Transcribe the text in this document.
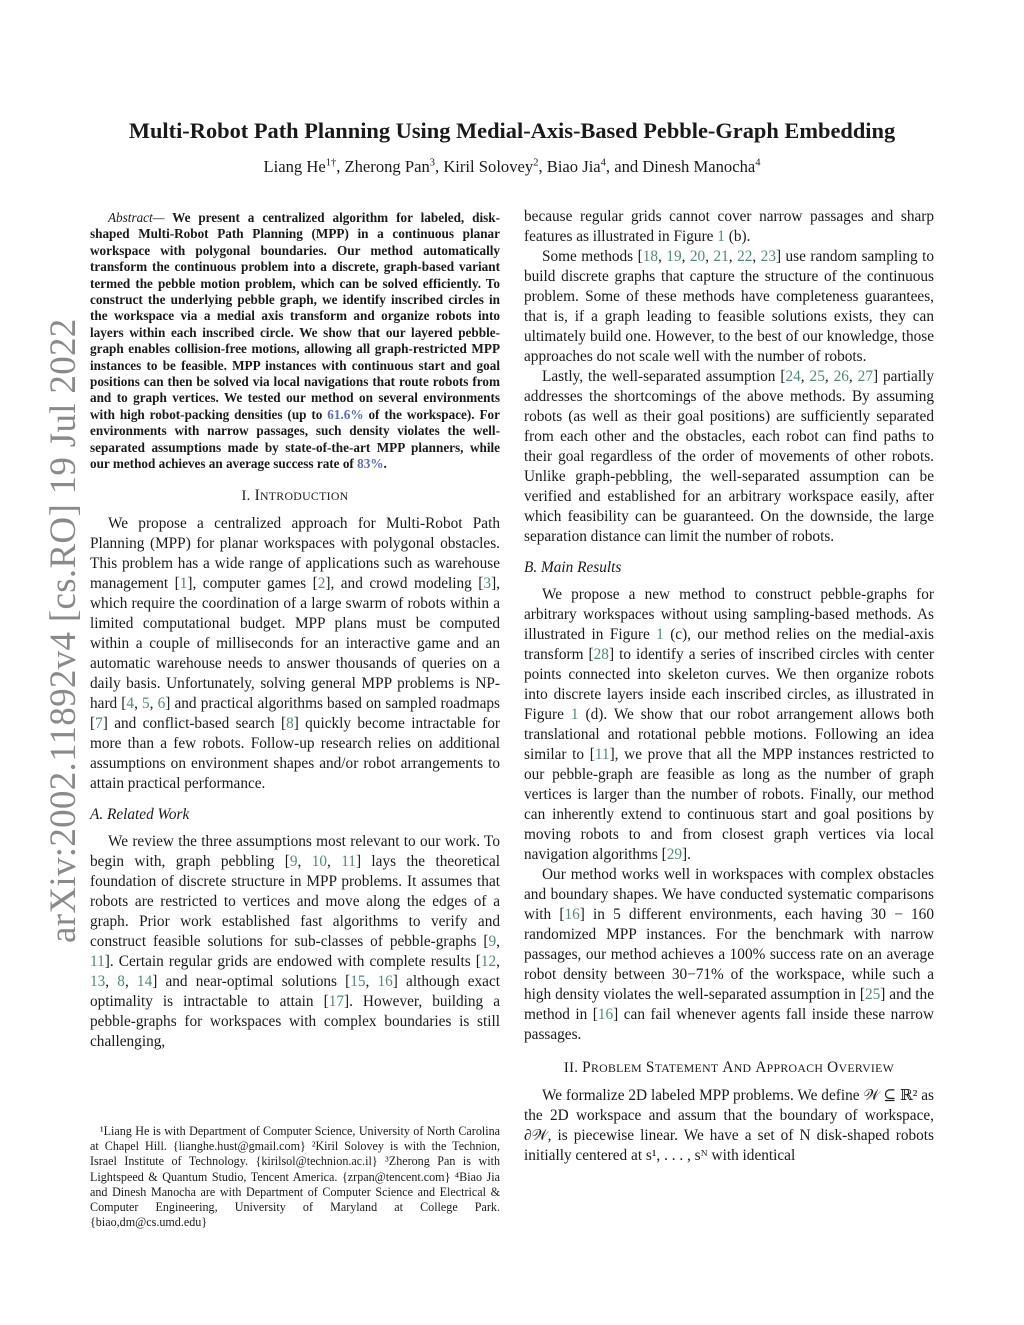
arXiv:2002.11892v4 [cs.RO] 19 Jul 2022
Multi-Robot Path Planning Using Medial-Axis-Based Pebble-Graph Embedding
Liang $He^{1\dagger}$, Zherong Pan$^3$, Kiril Solovey$^2$, Biao Jia$^4$, and Dinesh Manocha$^4$

Abstract— We present a centralized algorithm for labeled, disk-shaped Multi-Robot Path Planning (MPP) in a continuous planar workspace with polygonal boundaries. Our method automatically transform the continuous problem into a discrete, graph-based variant termed the pebble motion problem, which can be solved efficiently. To construct the underlying pebble graph, we identify inscribed circles in the workspace via a medial axis transform and organize robots into layers within each inscribed circle. We show that our layered pebble-graph enables collision-free motions, allowing all graph-restricted MPP instances to be feasible. MPP instances with continuous start and goal positions can then be solved via local navigations that route robots from and to graph vertices. We tested our method on several environments with high robot-packing densities (up to 61.6% of the workspace). For environments with narrow passages, such density violates the well-separated assumptions made by state-of-the-art MPP planners, while our method achieves an average success rate of 83%.

I. INTRODUCTION

We propose a centralized approach for Multi-Robot Path Planning (MPP) for planar workspaces with polygonal obstacles. This problem has a wide range of applications such as warehouse management [1], computer games [2], and crowd modeling [3], which require the coordination of a large swarm of robots within a limited computational budget. MPP plans must be computed within a couple of milliseconds for an interactive game and an automatic warehouse needs to answer thousands of queries on a daily basis. Unfortunately, solving general MPP problems is NP-hard [4, 5, 6] and practical algorithms based on sampled roadmaps [7] and conflict-based search [8] quickly become intractable for more than a few robots. Follow-up research relies on additional assumptions on environment shapes and/or robot arrangements to attain practical performance.

A. Related Work

We review the three assumptions most relevant to our work. To begin with, graph pebbling [9, 10, 11] lays the theoretical foundation of discrete structure in MPP problems. It assumes that robots are restricted to vertices and move along the edges of a graph. Prior work established fast algorithms to verify and construct feasible solutions for sub-classes of pebble-graphs [9, 11]. Certain regular grids are endowed with complete results [12, 13, 8, 14] and near-optimal solutions [15, 16] although exact optimality is intractable to attain [17]. However, building a pebble-graphs for workspaces with complex boundaries is still challenging,

¹Liang He is with Department of Computer Science, University of North Carolina at Chapel Hill. {lianghe.hust@gmail.com} ²Kiril Solovey is with the Technion, Israel Institute of Technology. {kirilsol@technion.ac.il} ³Zherong Pan is with Lightspeed & Quantum Studio, Tencent America. {zrpan@tencent.com} ⁴Biao Jia and Dinesh Manocha are with Department of Computer Science and Electrical & Computer Engineering, University of Maryland at College Park. {biao,dm@cs.umd.edu}

because regular grids cannot cover narrow passages and sharp features as illustrated in Figure 1 (b).

Some methods [18, 19, 20, 21, 22, 23] use random sampling to build discrete graphs that capture the structure of the continuous problem. Some of these methods have completeness guarantees, that is, if a graph leading to feasible solutions exists, they can ultimately build one. However, to the best of our knowledge, those approaches do not scale well with the number of robots.

Lastly, the well-separated assumption [24, 25, 26, 27] partially addresses the shortcomings of the above methods. By assuming robots (as well as their goal positions) are sufficiently separated from each other and the obstacles, each robot can find paths to their goal regardless of the order of movements of other robots. Unlike graph-pebbling, the well-separated assumption can be verified and established for an arbitrary workspace easily, after which feasibility can be guaranteed. On the downside, the large separation distance can limit the number of robots.

B. Main Results

We propose a new method to construct pebble-graphs for arbitrary workspaces without using sampling-based methods. As illustrated in Figure 1 (c), our method relies on the medial-axis transform [28] to identify a series of inscribed circles with center points connected into skeleton curves. We then organize robots into discrete layers inside each inscribed circles, as illustrated in Figure 1 (d). We show that our robot arrangement allows both translational and rotational pebble motions. Following an idea similar to [11], we prove that all the MPP instances restricted to our pebble-graph are feasible as long as the number of graph vertices is larger than the number of robots. Finally, our method can inherently extend to continuous start and goal positions by moving robots to and from closest graph vertices via local navigation algorithms [29].

Our method works well in workspaces with complex obstacles and boundary shapes. We have conducted systematic comparisons with [16] in 5 different environments, each having 30 − 160 randomized MPP instances. For the benchmark with narrow passages, our method achieves a 100% success rate on an average robot density between 30−71% of the workspace, while such a high density violates the well-separated assumption in [25] and the method in [16] can fail whenever agents fall inside these narrow passages.

II. PROBLEM STATEMENT AND APPROACH OVERVIEW

We formalize 2D labeled MPP problems. We define 𝒲 ⊆ ℝ² as the 2D workspace and assum that the boundary of workspace, ∂𝒲, is piecewise linear. We have a set of N disk-shaped robots initially centered at s¹, . . . , sᴺ with identical
